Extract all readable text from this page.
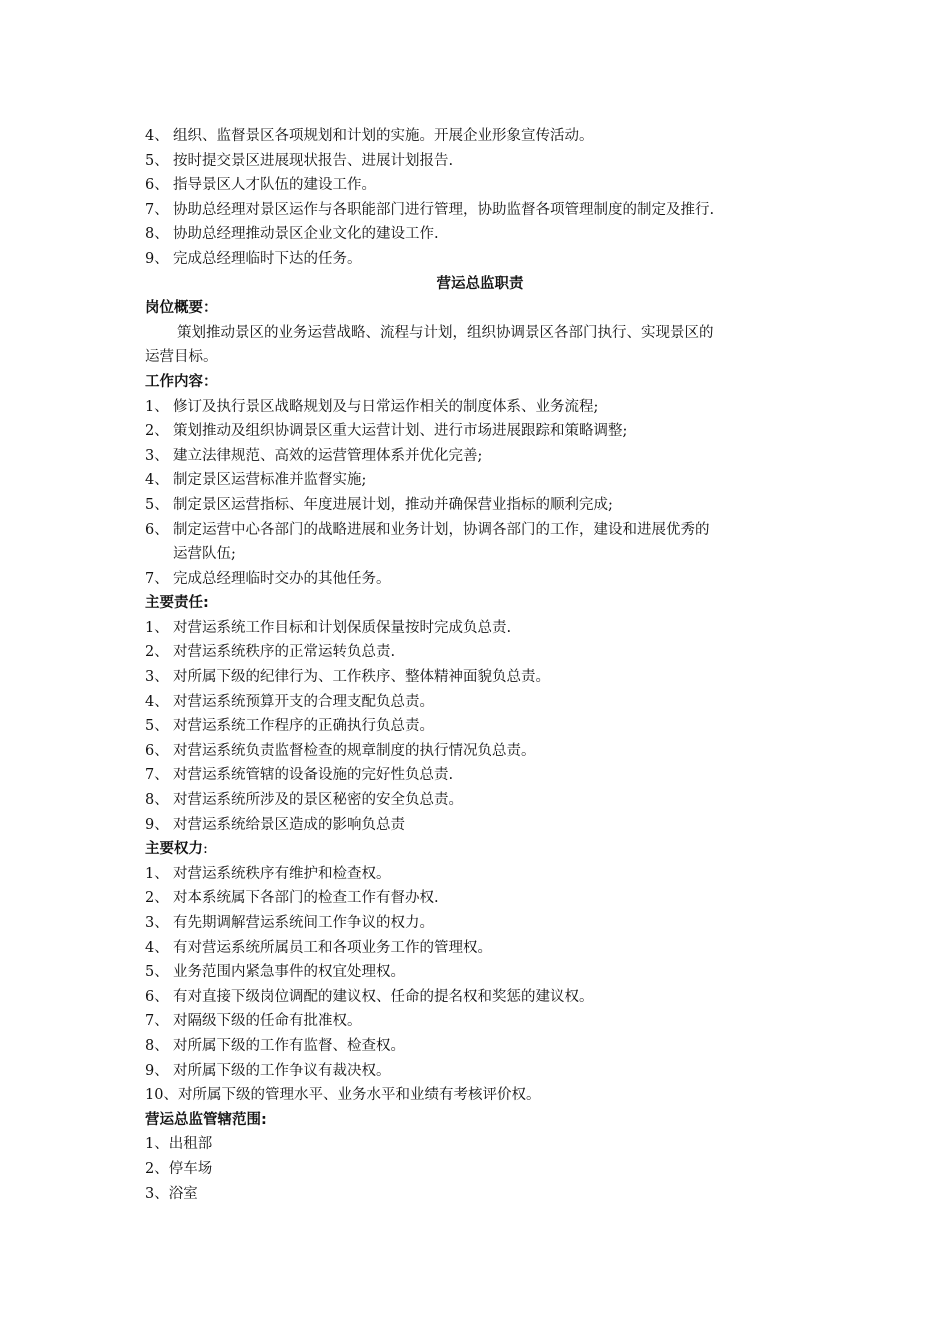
4、 组织、监督景区各项规划和计划的实施。开展企业形象宣传活动。
5、 按时提交景区进展现状报告、进展计划报告.
6、 指导景区人才队伍的建设工作。
7、 协助总经理对景区运作与各职能部门进行管理，协助监督各项管理制度的制定及推行.
8、 协助总经理推动景区企业文化的建设工作.
9、 完成总经理临时下达的任务。
营运总监职责
岗位概要：
策划推动景区的业务运营战略、流程与计划，组织协调景区各部门执行、实现景区的
运营目标。
工作内容：
1、 修订及执行景区战略规划及与日常运作相关的制度体系、业务流程;
2、 策划推动及组织协调景区重大运营计划、进行市场进展跟踪和策略调整;
3、 建立法律规范、高效的运营管理体系并优化完善;
4、 制定景区运营标准并监督实施;
5、 制定景区运营指标、年度进展计划，推动并确保营业指标的顺利完成;
6、 制定运营中心各部门的战略进展和业务计划，协调各部门的工作，建设和进展优秀的
运营队伍;
7、 完成总经理临时交办的其他任务。
主要责任:
1、 对营运系统工作目标和计划保质保量按时完成负总责.
2、 对营运系统秩序的正常运转负总责.
3、 对所属下级的纪律行为、工作秩序、整体精神面貌负总责。
4、 对营运系统预算开支的合理支配负总责。
5、 对营运系统工作程序的正确执行负总责。
6、 对营运系统负责监督检查的规章制度的执行情况负总责。
7、 对营运系统管辖的设备设施的完好性负总责.
8、 对营运系统所涉及的景区秘密的安全负总责。
9、 对营运系统给景区造成的影响负总责
主要权力:
1、 对营运系统秩序有维护和检查权。
2、 对本系统属下各部门的检查工作有督办权.
3、 有先期调解营运系统间工作争议的权力。
4、 有对营运系统所属员工和各项业务工作的管理权。
5、 业务范围内紧急事件的权宜处理权。
6、 有对直接下级岗位调配的建议权、任命的提名权和奖惩的建议权。
7、 对隔级下级的任命有批准权。
8、 对所属下级的工作有监督、检查权。
9、 对所属下级的工作争议有裁决权。
10、 对所属下级的管理水平、业务水平和业绩有考核评价权。
营运总监管辖范围:
1、 出租部
2、 停车场
3、 浴室
